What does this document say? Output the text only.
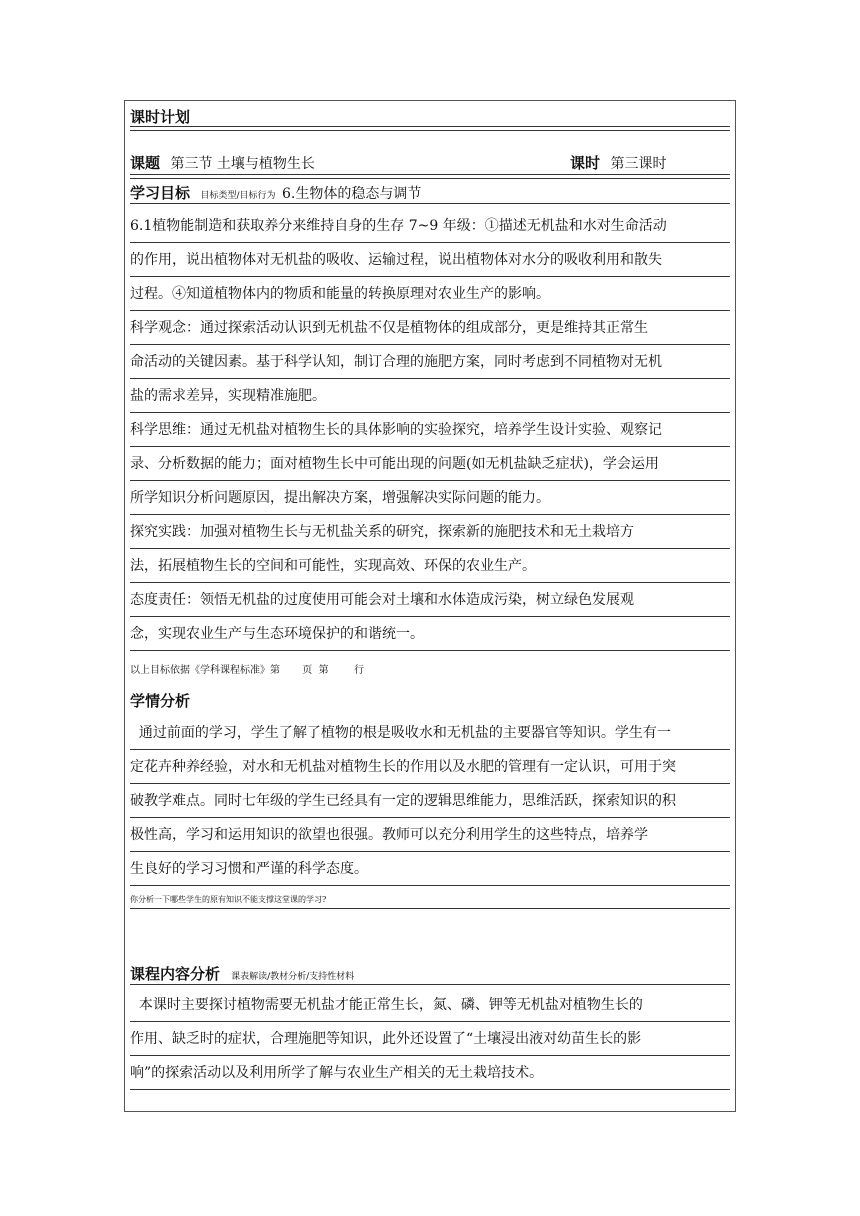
课时计划
课题 第三节 土壤与植物生长	课时 第三课时
学习目标 目标类型/目标行为 6.生物体的稳态与调节
6.1植物能制造和获取养分来维持自身的生存 7~9 年级：①描述无机盐和水对生命活动
的作用，说出植物体对无机盐的吸收、运输过程，说出植物体对水分的吸收利用和散失
过程。④知道植物体内的物质和能量的转换原理对农业生产的影响。
科学观念：通过探索活动认识到无机盐不仅是植物体的组成部分，更是维持其正常生
命活动的关键因素。基于科学认知，制订合理的施肥方案，同时考虑到不同植物对无机
盐的需求差异，实现精准施肥。
科学思维：通过无机盐对植物生长的具体影响的实验探究，培养学生设计实验、观察记
录、分析数据的能力；面对植物生长中可能出现的问题(如无机盐缺乏症状)，学会运用
所学知识分析问题原因，提出解决方案，增强解决实际问题的能力。
探究实践：加强对植物生长与无机盐关系的研究，探索新的施肥技术和无土栽培方
法，拓展植物生长的空间和可能性，实现高效、环保的农业生产。
态度责任：领悟无机盐的过度使用可能会对土壤和水体造成污染，树立绿色发展观
念，实现农业生产与生态环境保护的和谐统一。
以上目标依据《学科课程标准》第       页  第        行
学情分析
通过前面的学习，学生了解了植物的根是吸收水和无机盐的主要器官等知识。学生有一
定花卉种养经验，对水和无机盐对植物生长的作用以及水肥的管理有一定认识，可用于突
破教学难点。同时七年级的学生已经具有一定的逻辑思维能力，思维活跃，探索知识的积
极性高，学习和运用知识的欲望也很强。教师可以充分利用学生的这些特点，培养学
生良好的学习习惯和严谨的科学态度。
你分析一下哪些学生的原有知识不能支撑这堂课的学习?
课程内容分析 课表解读/教材分析/支持性材料
本课时主要探讨植物需要无机盐才能正常生长，氮、磷、钾等无机盐对植物生长的
作用、缺乏时的症状，合理施肥等知识，此外还设置了“土壤浸出液对幼苗生长的影
响”的探索活动以及利用所学了解与农业生产相关的无土栽培技术。
